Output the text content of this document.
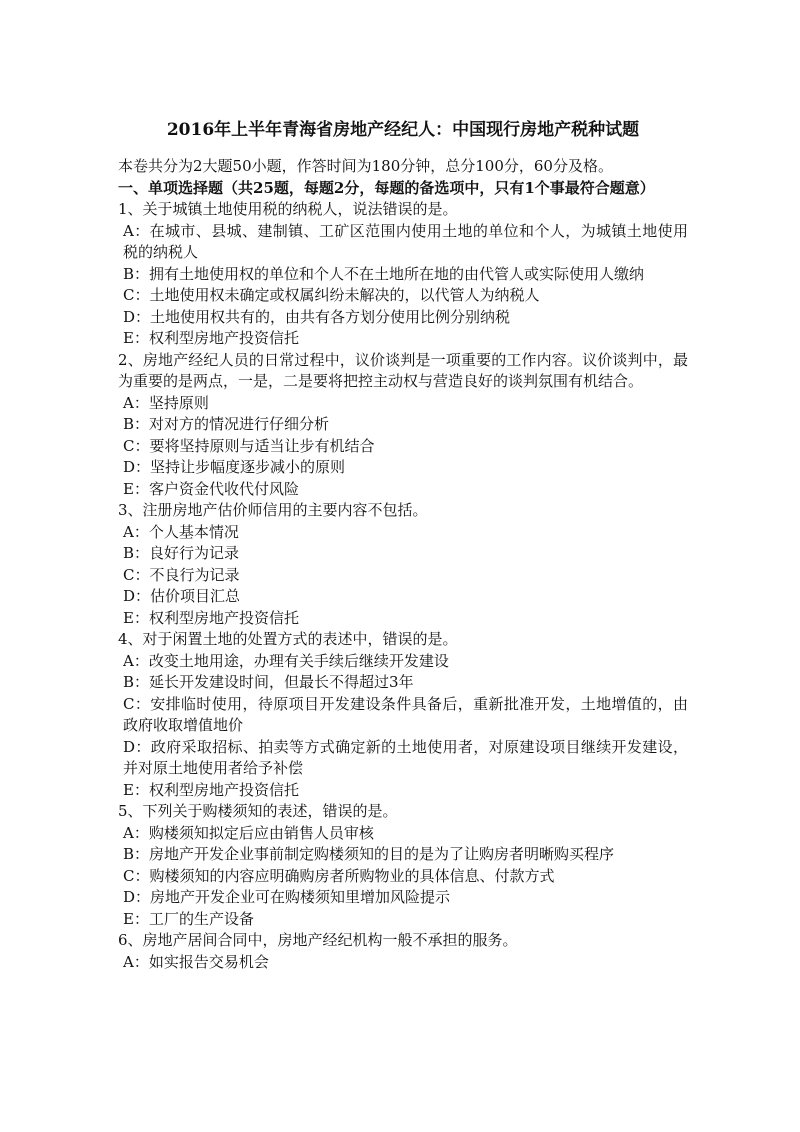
2016年上半年青海省房地产经纪人：中国现行房地产税种试题

本卷共分为2大题50小题，作答时间为180分钟，总分100分，60分及格。

一、单项选择题（共25题，每题2分，每题的备选项中，只有1个事最符合题意）

1、关于城镇土地使用税的纳税人，说法错误的是。

A：在城市、县城、建制镇、工矿区范围内使用土地的单位和个人，为城镇土地使用税的纳税人

B：拥有土地使用权的单位和个人不在土地所在地的由代管人或实际使用人缴纳

C：土地使用权未确定或权属纠纷未解决的，以代管人为纳税人

D：土地使用权共有的，由共有各方划分使用比例分别纳税

E：权利型房地产投资信托

2、房地产经纪人员的日常过程中，议价谈判是一项重要的工作内容。议价谈判中，最为重要的是两点，一是，二是要将把控主动权与营造良好的谈判氛围有机结合。

A：坚持原则

B：对对方的情况进行仔细分析

C：要将坚持原则与适当让步有机结合

D：坚持让步幅度逐步减小的原则

E：客户资金代收代付风险

3、注册房地产估价师信用的主要内容不包括。

A：个人基本情况

B：良好行为记录

C：不良行为记录

D：估价项目汇总

E：权利型房地产投资信托

4、对于闲置土地的处置方式的表述中，错误的是。

A：改变土地用途，办理有关手续后继续开发建设

B：延长开发建设时间，但最长不得超过3年

C：安排临时使用，待原项目开发建设条件具备后，重新批准开发，土地增值的，由政府收取增值地价

D：政府采取招标、拍卖等方式确定新的土地使用者，对原建设项目继续开发建设，并对原土地使用者给予补偿

E：权利型房地产投资信托

5、下列关于购楼须知的表述，错误的是。

A：购楼须知拟定后应由销售人员审核

B：房地产开发企业事前制定购楼须知的目的是为了让购房者明晰购买程序

C：购楼须知的内容应明确购房者所购物业的具体信息、付款方式

D：房地产开发企业可在购楼须知里增加风险提示

E：工厂的生产设备

6、房地产居间合同中，房地产经纪机构一般不承担的服务。

A：如实报告交易机会
